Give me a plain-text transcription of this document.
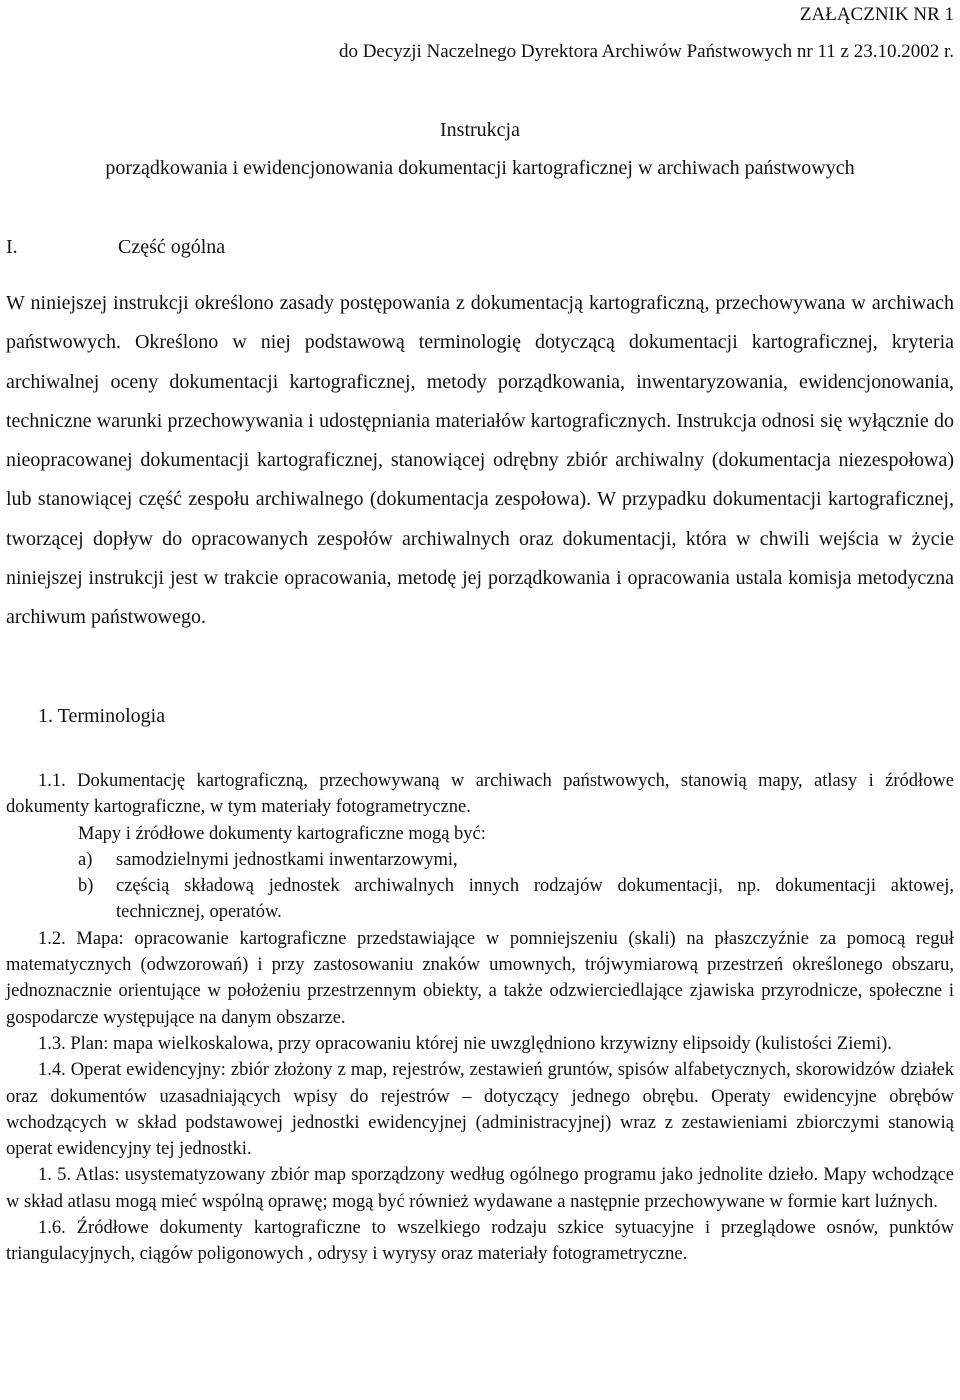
ZAŁĄCZNIK NR 1
do Decyzji Naczelnego Dyrektora Archiwów Państwowych nr 11 z 23.10.2002 r.
Instrukcja
porządkowania i ewidencjonowania dokumentacji kartograficznej w archiwach państwowych
I.	Część ogólna

W niniejszej instrukcji określono zasady postępowania z dokumentacją kartograficzną, przechowywana w archiwach państwowych. Określono w niej podstawową terminologię dotyczącą dokumentacji kartograficznej, kryteria archiwalnej oceny dokumentacji kartograficznej, metody porządkowania, inwentaryzowania, ewidencjonowania, techniczne warunki przechowywania i udostępniania materiałów kartograficznych. Instrukcja odnosi się wyłącznie do nieopracowanej dokumentacji kartograficznej, stanowiącej odrębny zbiór archiwalny (dokumentacja niezespołowa) lub stanowiącej część zespołu archiwalnego (dokumentacja zespołowa). W przypadku dokumentacji kartograficznej, tworzącej dopływ do opracowanych zespołów archiwalnych oraz dokumentacji, która w chwili wejścia w życie niniejszej instrukcji jest w trakcie opracowania, metodę jej porządkowania i opracowania ustala komisja metodyczna archiwum państwowego.

1. Terminologia

1.1. Dokumentację kartograficzną, przechowywaną w archiwach państwowych, stanowią mapy, atlasy i źródłowe dokumenty kartograficzne, w tym materiały fotogrametryczne.

Mapy i źródłowe dokumenty kartograficzne mogą być:

a) samodzielnymi jednostkami inwentarzowymi,

b) częścią składową jednostek archiwalnych innych rodzajów dokumentacji, np. dokumentacji aktowej, technicznej, operatów.

1.2. Mapa: opracowanie kartograficzne przedstawiające w pomniejszeniu (skali) na płaszczyźnie za pomocą reguł matematycznych (odwzorowań) i przy zastosowaniu znaków umownych, trójwymiarową przestrzeń określonego obszaru, jednoznacznie orientujące w położeniu przestrzennym obiekty, a także odzwierciedlające zjawiska przyrodnicze, społeczne i gospodarcze występujące na danym obszarze.

1.3. Plan: mapa wielkoskalowa, przy opracowaniu której nie uwzględniono krzywizny elipsoidy (kulistości Ziemi).

1.4. Operat ewidencyjny: zbiór złożony z map, rejestrów, zestawień gruntów, spisów alfabetycznych, skorowidzów działek oraz dokumentów uzasadniających wpisy do rejestrów – dotyczący jednego obrębu. Operaty ewidencyjne obrębów wchodzących w skład podstawowej jednostki ewidencyjnej (administracyjnej) wraz z zestawieniami zbiorczymi stanowią operat ewidencyjny tej jednostki.

1. 5. Atlas: usystematyzowany zbiór map sporządzony według ogólnego programu jako jednolite dzieło. Mapy wchodzące w skład atlasu mogą mieć wspólną oprawę; mogą być również wydawane a następnie przechowywane w formie kart luźnych.

1.6. Źródłowe dokumenty kartograficzne to wszelkiego rodzaju szkice sytuacyjne i przeglądowe osnów, punktów triangulacyjnych, ciągów poligonowych , odrysy i wyrysy oraz materiały fotogrametryczne.
